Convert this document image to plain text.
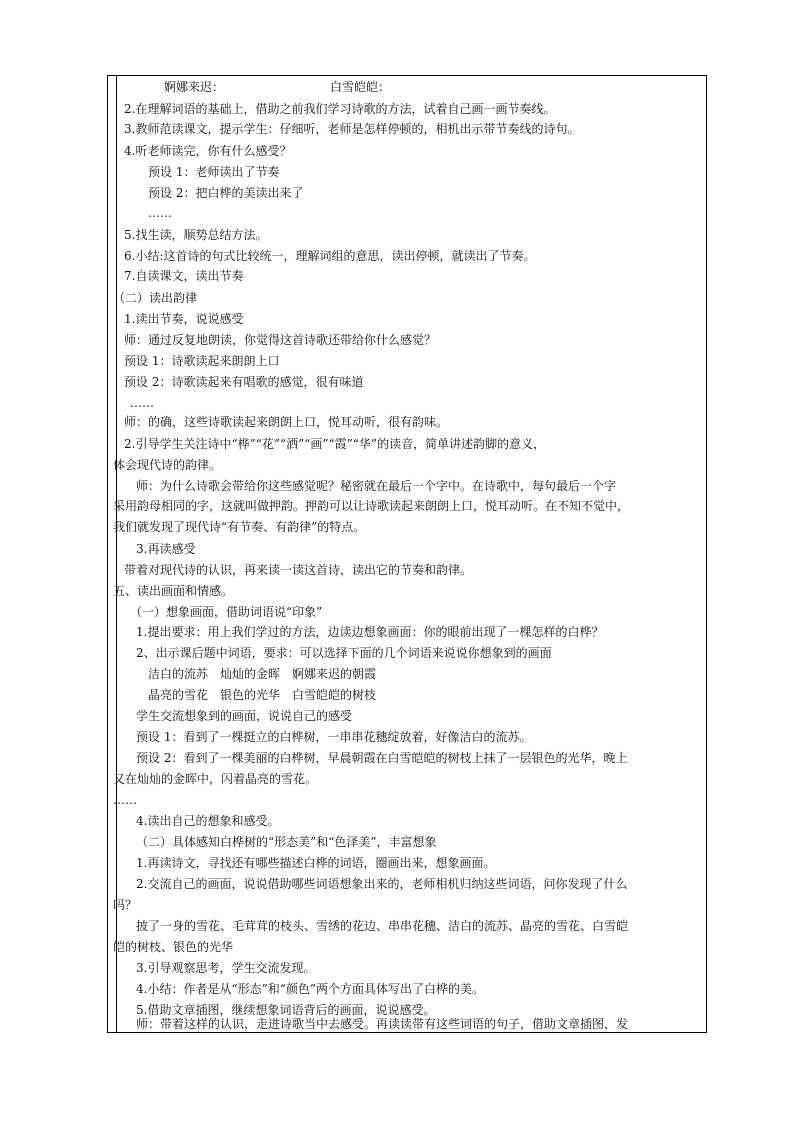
婀娜来迟：	白雪皑皑：
2.在理解词语的基础上，借助之前我们学习诗歌的方法，试着自己画一画节奏线。
3.教师范读课文，提示学生：仔细听，老师是怎样停顿的，相机出示带节奏线的诗句。
4.听老师读完，你有什么感受？
预设 1：老师读出了节奏
预设 2：把白桦的美读出来了
……
5.找生读，顺势总结方法。
6.小结:这首诗的句式比较统一，理解词组的意思，读出停顿，就读出了节奏。
7.自读课文，读出节奏
（二）读出韵律
1.读出节奏，说说感受
师：通过反复地朗读，你觉得这首诗歌还带给你什么感觉？
预设 1：诗歌读起来朗朗上口
预设 2：诗歌读起来有唱歌的感觉，很有味道
……
师：的确，这些诗歌读起来朗朗上口，悦耳动听，很有韵味。
2.引导学生关注诗中“桦”“花”“洒”“画”“霞”“华”的读音，简单讲述韵脚的意义，
体会现代诗的韵律。
师：为什么诗歌会带给你这些感觉呢？秘密就在最后一个字中。在诗歌中，每句最后一个字
采用韵母相同的字，这就叫做押韵。押韵可以让诗歌读起来朗朗上口，悦耳动听。在不知不觉中，
我们就发现了现代诗“有节奏、有韵律”的特点。
3.再读感受
带着对现代诗的认识，再来读一读这首诗，读出它的节奏和韵律。
五、读出画面和情感。
（一）想象画面，借助词语说“印象”
1.提出要求：用上我们学过的方法，边读边想象画面：你的眼前出现了一棵怎样的白桦？
2、出示课后题中词语，要求：可以选择下面的几个词语来说说你想象到的画面
洁白的流苏　灿灿的金晖　婀娜来迟的朝霞
晶亮的雪花　银色的光华　白雪皑皑的树枝
学生交流想象到的画面，说说自己的感受
预设 1：看到了一棵挺立的白桦树，一串串花穗绽放着，好像洁白的流苏。
预设 2：看到了一棵美丽的白桦树，早晨朝霞在白雪皑皑的树枝上抹了一层银色的光华，晚上
又在灿灿的金晖中，闪着晶亮的雪花。
……
4.读出自己的想象和感受。
（二）具体感知白桦树的“形态美”和“色泽美”，丰富想象
1.再读诗文，寻找还有哪些描述白桦的词语，圈画出来，想象画面。
2.交流自己的画面，说说借助哪些词语想象出来的，老师相机归纳这些词语，问你发现了什么
吗？
披了一身的雪花、毛茸茸的枝头、雪绣的花边、串串花穗、洁白的流苏、晶亮的雪花、白雪皑
皑的树枝、银色的光华
3.引导观察思考，学生交流发现。
4.小结：作者是从“形态”和“颜色”两个方面具体写出了白桦的美。
5.借助文章插图，继续想象词语背后的画面，说说感受。
师：带着这样的认识，走进诗歌当中去感受。再读读带有这些词语的句子，借助文章插图，发
